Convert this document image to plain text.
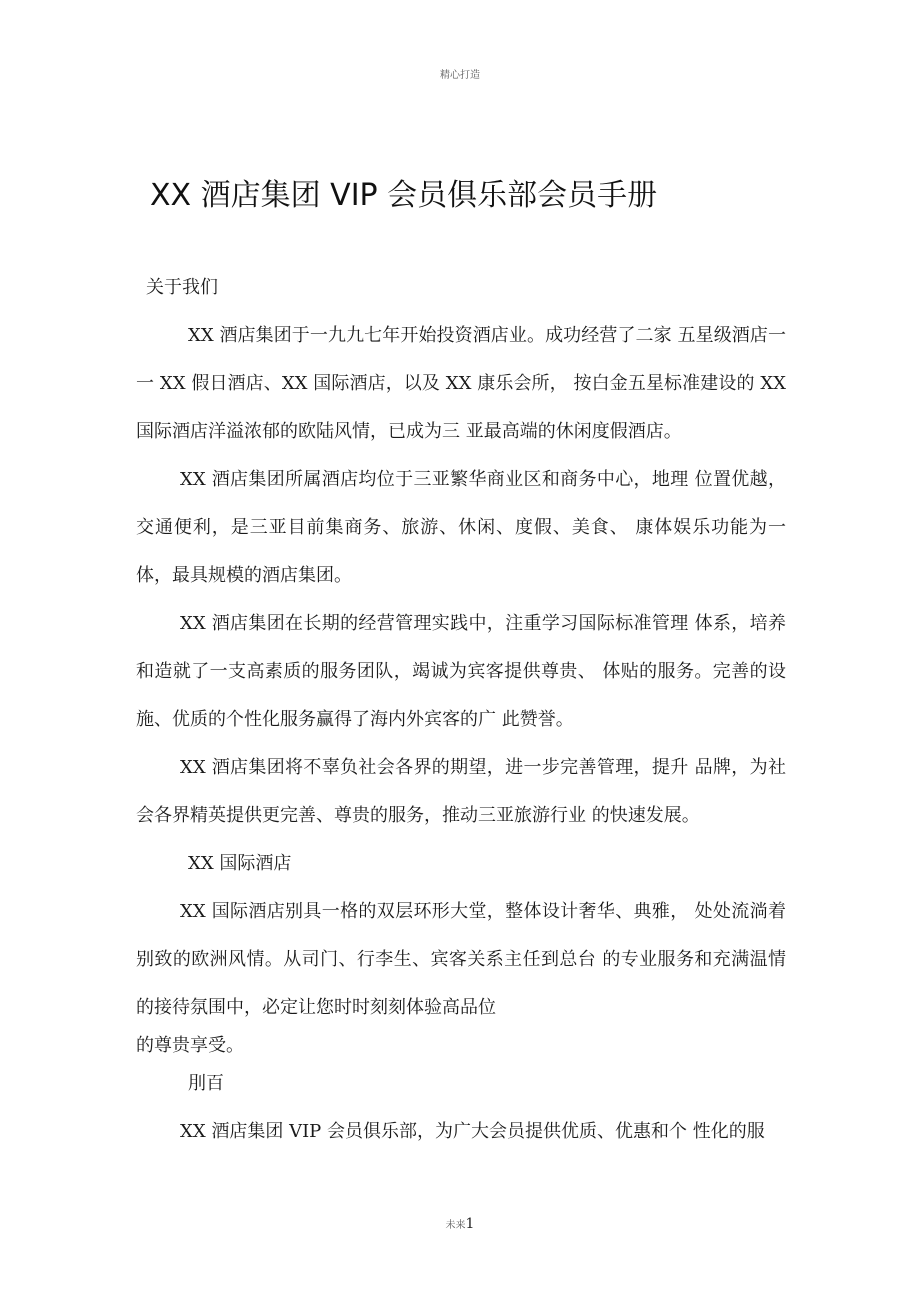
精心打造
XX 酒店集团 VIP 会员俱乐部会员手册

关于我们

XX 酒店集团于一九九七年开始投资酒店业。成功经营了二家 五星级酒店一一 XX 假日酒店、XX 国际酒店，以及 XX 康乐会所， 按白金五星标准建设的 XX 国际酒店洋溢浓郁的欧陆风情，已成为三 亚最高端的休闲度假酒店。

XX 酒店集团所属酒店均位于三亚繁华商业区和商务中心，地理 位置优越，交通便利，是三亚目前集商务、旅游、休闲、度假、美食、 康体娱乐功能为一体，最具规模的酒店集团。

XX 酒店集团在长期的经营管理实践中，注重学习国际标准管理 体系，培养和造就了一支高素质的服务团队，竭诚为宾客提供尊贵、 体贴的服务。完善的设施、优质的个性化服务赢得了海内外宾客的广 此赞誉。

XX 酒店集团将不辜负社会各界的期望，进一步完善管理，提升 品牌，为社会各界精英提供更完善、尊贵的服务，推动三亚旅游行业 的快速发展。

XX 国际酒店

XX 国际酒店别具一格的双层环形大堂，整体设计奢华、典雅， 处处流淌着别致的欧洲风情。从司门、行李生、宾客关系主任到总台 的专业服务和充满温情的接待氛围中，必定让您时时刻刻体验高品位

的尊贵享受。

刖百

XX 酒店集团 VIP 会员俱乐部，为广大会员提供优质、优惠和个 性化的服

未来1
